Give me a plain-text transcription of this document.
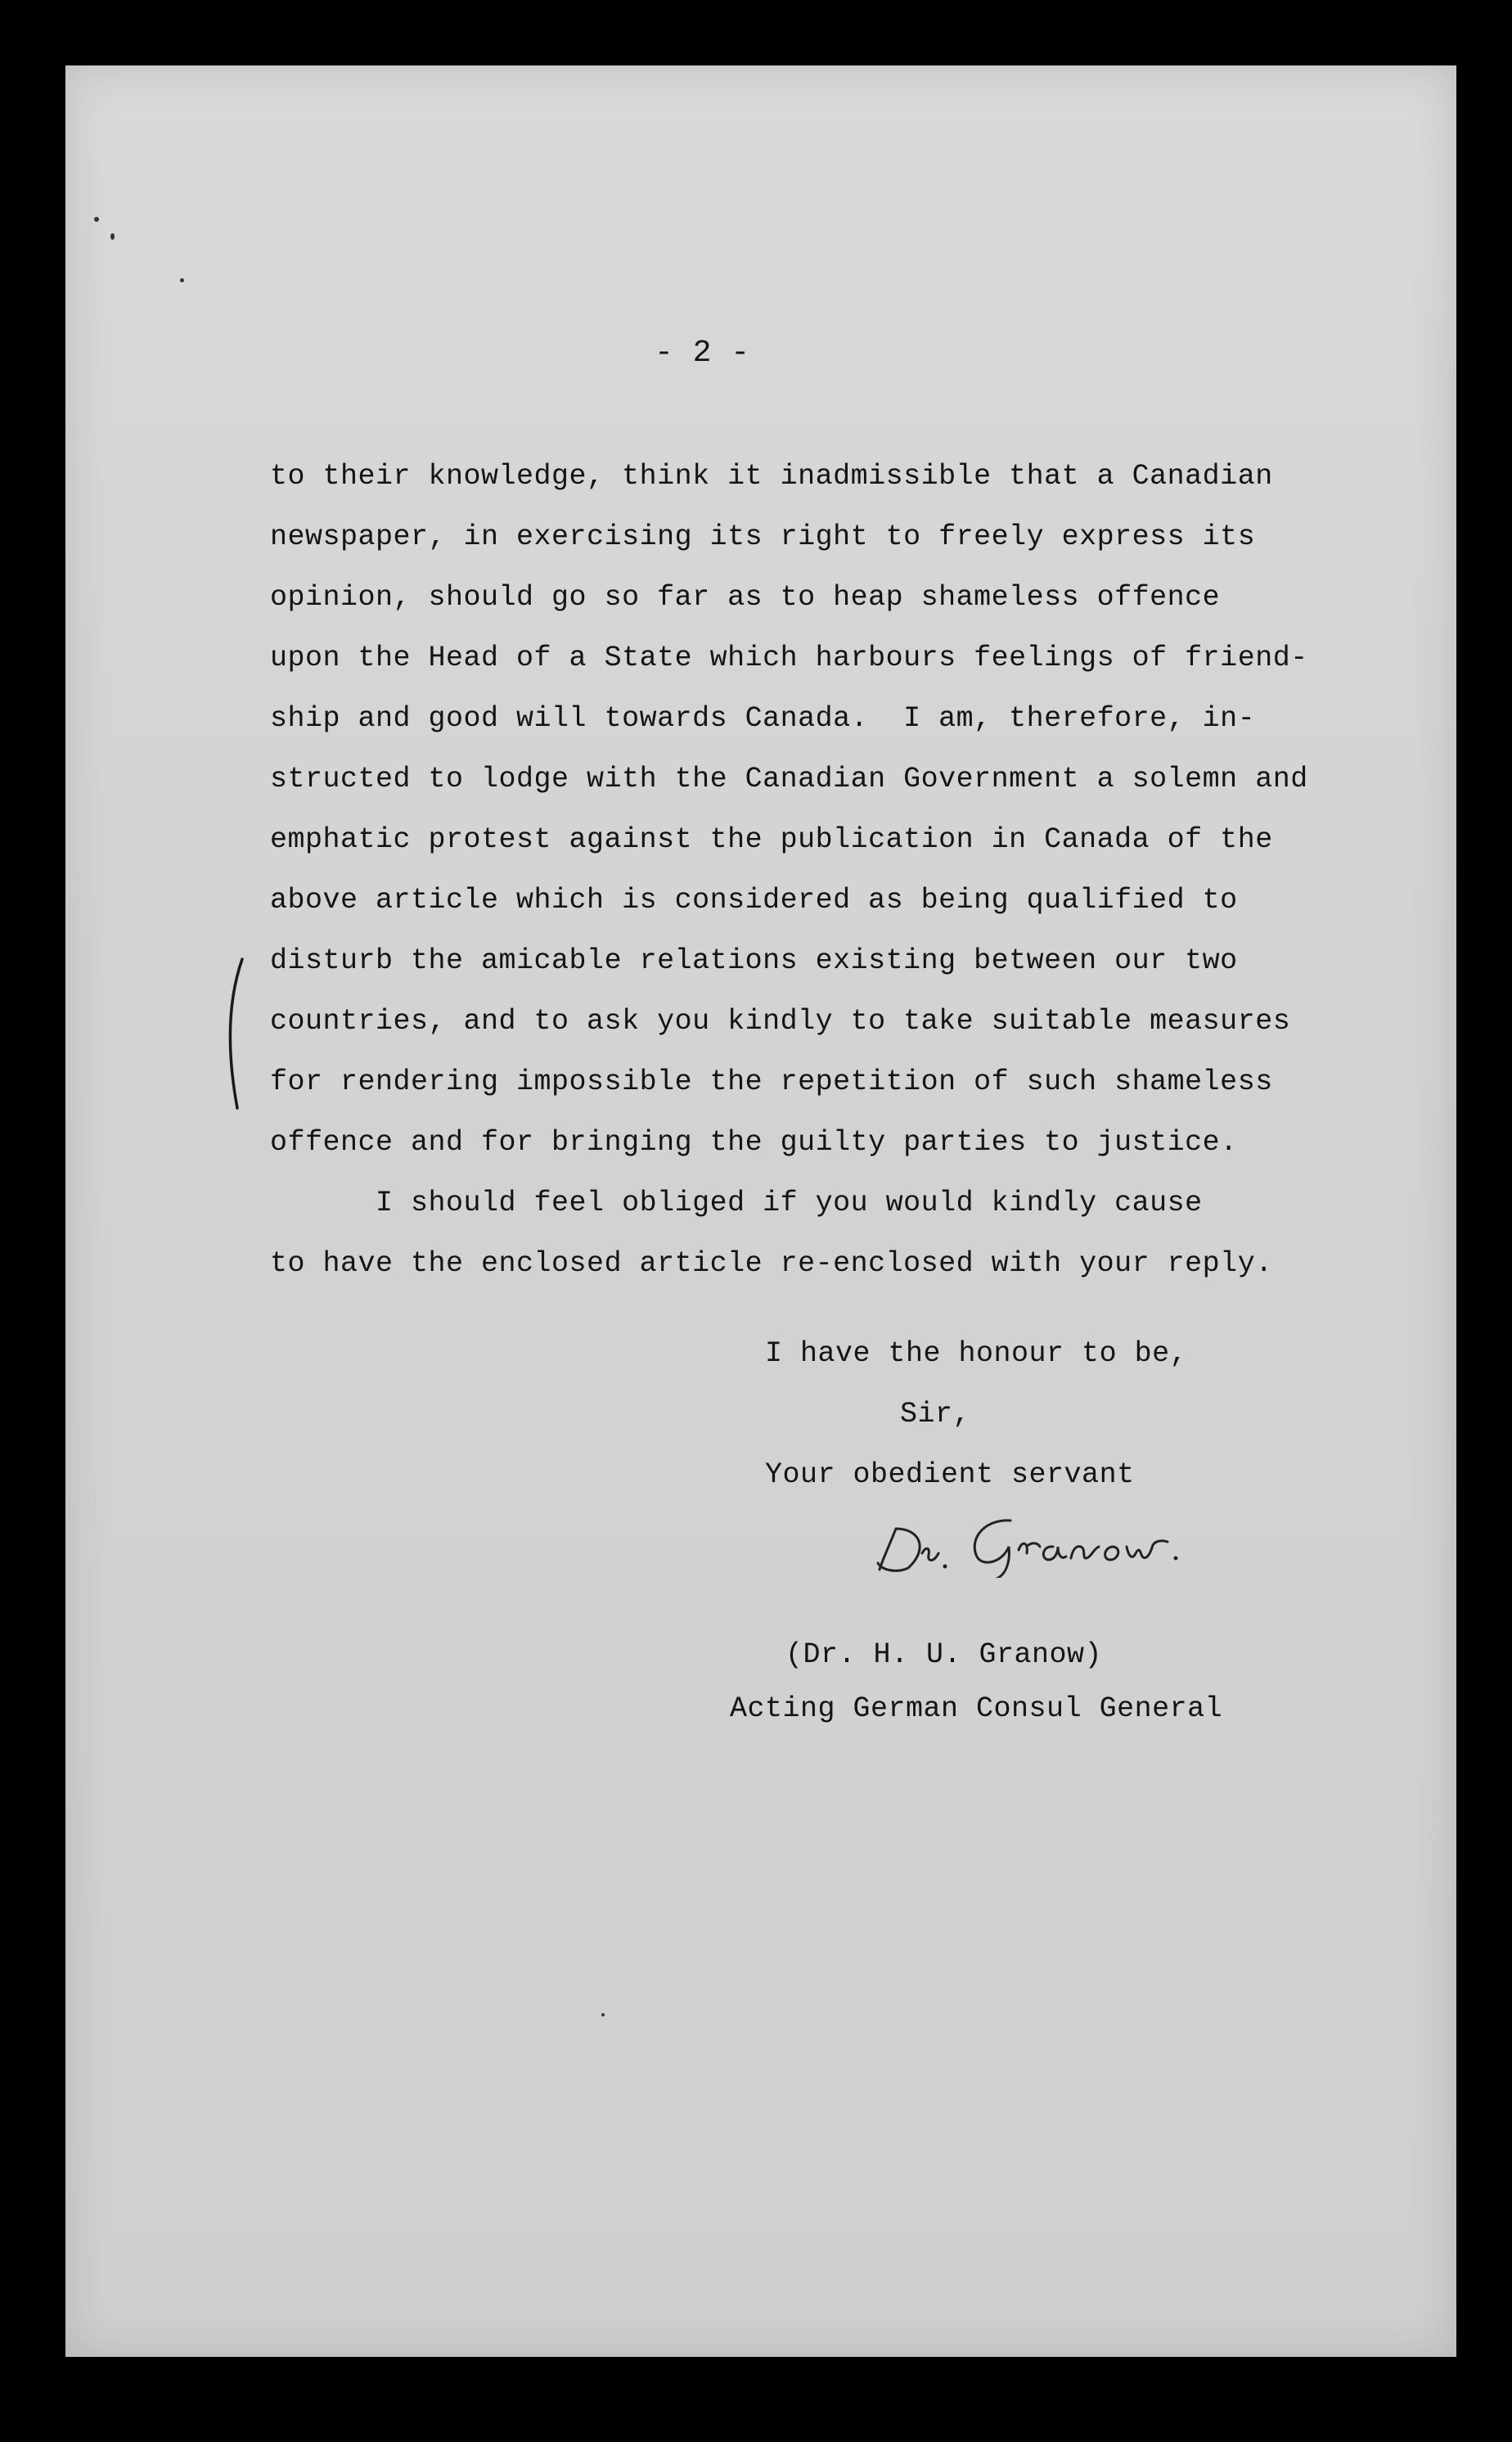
- 2 -
to their knowledge, think it inadmissible that a Canadian
newspaper, in exercising its right to freely express its
opinion, should go so far as to heap shameless offence
upon the Head of a State which harbours feelings of friend-
ship and good will towards Canada.  I am, therefore, in-
structed to lodge with the Canadian Government a solemn and
emphatic protest against the publication in Canada of the
above article which is considered as being qualified to
disturb the amicable relations existing between our two
countries, and to ask you kindly to take suitable measures
for rendering impossible the repetition of such shameless
offence and for bringing the guilty parties to justice.
I should feel obliged if you would kindly cause
to have the enclosed article re-enclosed with your reply.
I have the honour to be,
Sir,
Your obedient servant
(Dr. H. U. Granow)
Acting German Consul General
